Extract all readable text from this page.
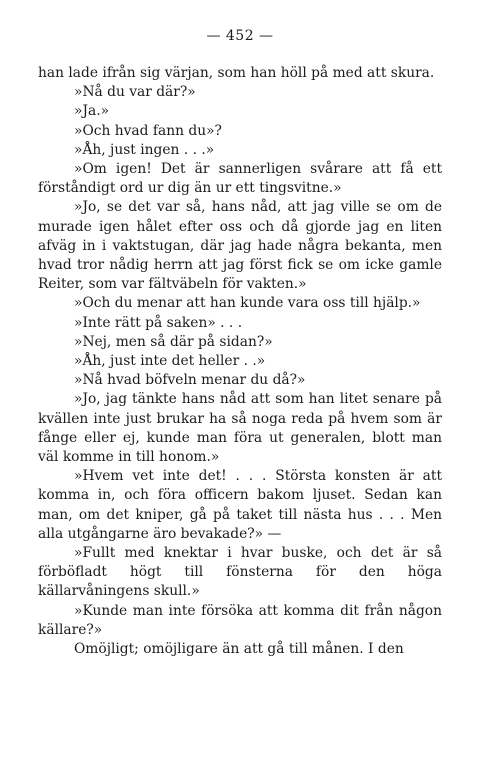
— 452 —

han lade ifrån sig värjan, som han höll på med att skura.

»Nå du var där?»

»Ja.»

»Och hvad fann du»?

»Åh, just ingen . . .»

»Om igen! Det är sannerligen svårare att få ett förståndigt ord ur dig än ur ett tingsvitne.»

»Jo, se det var så, hans nåd, att jag ville se om de murade igen hålet efter oss och då gjorde jag en liten afväg in i vaktstugan, där jag hade några bekanta, men hvad tror nådig herrn att jag först fick se om icke gamle Reiter, som var fältväbeln för vakten.»

»Och du menar att han kunde vara oss till hjälp.»

»Inte rätt på saken» . . .

»Nej, men så där på sidan?»

»Åh, just inte det heller . .»

»Nå hvad böfveln menar du då?»

»Jo, jag tänkte hans nåd att som han litet senare på kvällen inte just brukar ha så noga reda på hvem som är fånge eller ej, kunde man föra ut generalen, blott man väl komme in till honom.»

»Hvem vet inte det! . . . Största konsten är att komma in, och föra officern bakom ljuset. Sedan kan man, om det kniper, gå på taket till nästa hus . . . Men alla utgångarne äro bevakade?» —

»Fullt med knektar i hvar buske, och det är så förböfladt högt till fönsterna för den höga källarvåningens skull.»

»Kunde man inte försöka att komma dit från någon källare?»

Omöjligt; omöjligare än att gå till månen. I den
